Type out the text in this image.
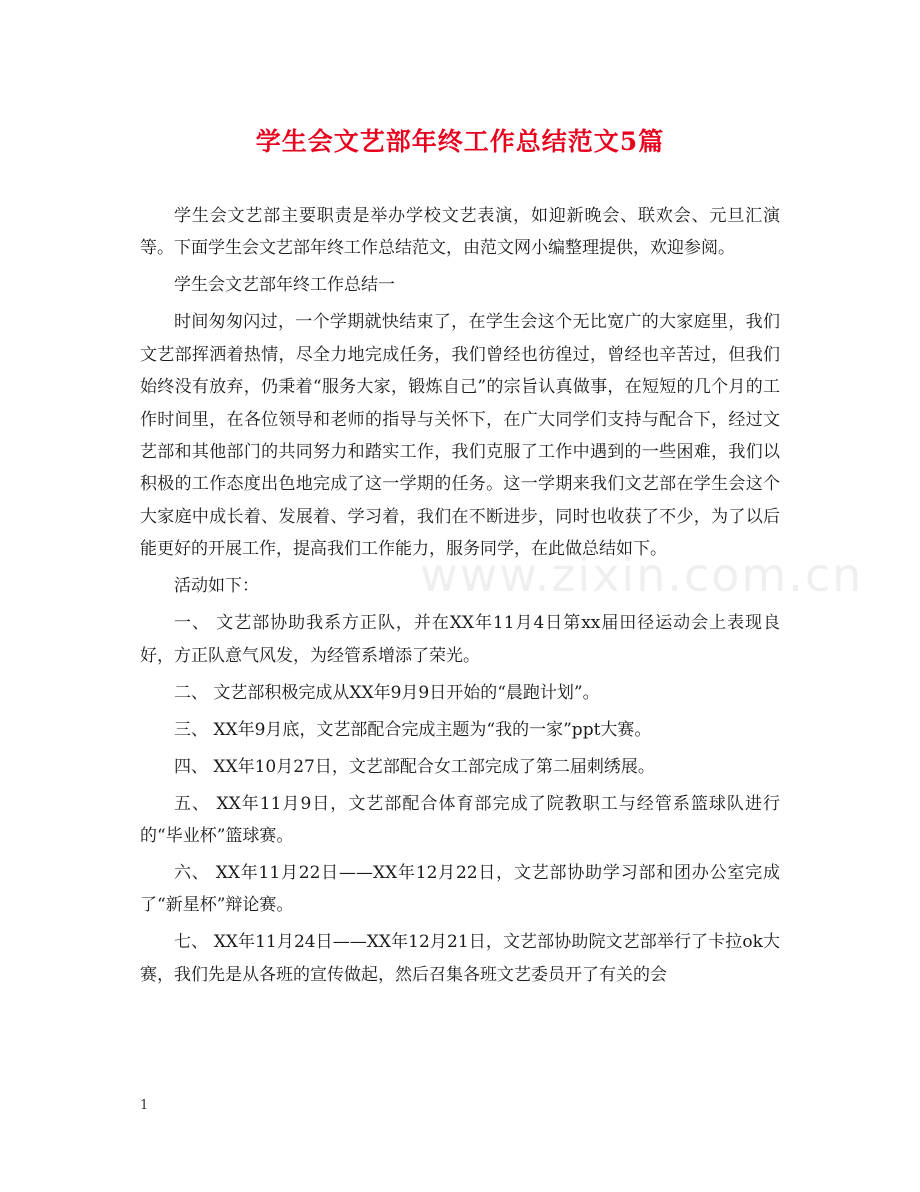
学生会文艺部年终工作总结范文5篇

学生会文艺部主要职责是举办学校文艺表演，如迎新晚会、联欢会、元旦汇演等。下面学生会文艺部年终工作总结范文，由范文网小编整理提供，欢迎参阅。

学生会文艺部年终工作总结一

时间匆匆闪过，一个学期就快结束了，在学生会这个无比宽广的大家庭里，我们文艺部挥洒着热情，尽全力地完成任务，我们曾经也彷徨过，曾经也辛苦过，但我们始终没有放弃，仍秉着“服务大家，锻炼自己”的宗旨认真做事，在短短的几个月的工作时间里，在各位领导和老师的指导与关怀下，在广大同学们支持与配合下，经过文艺部和其他部门的共同努力和踏实工作，我们克服了工作中遇到的一些困难，我们以积极的工作态度出色地完成了这一学期的任务。这一学期来我们文艺部在学生会这个大家庭中成长着、发展着、学习着，我们在不断进步，同时也收获了不少，为了以后能更好的开展工作，提高我们工作能力，服务同学，在此做总结如下。

活动如下：

一、 文艺部协助我系方正队，并在XX年11月4日第xx届田径运动会上表现良好，方正队意气风发，为经管系增添了荣光。

二、 文艺部积极完成从XX年9月9日开始的“晨跑计划”。

三、 XX年9月底，文艺部配合完成主题为“我的一家”ppt大赛。

四、 XX年10月27日，文艺部配合女工部完成了第二届刺绣展。

五、 XX年11月9日，文艺部配合体育部完成了院教职工与经管系篮球队进行的“毕业杯”篮球赛。

六、 XX年11月22日——XX年12月22日，文艺部协助学习部和团办公室完成了“新星杯”辩论赛。

七、 XX年11月24日——XX年12月21日，文艺部协助院文艺部举行了卡拉ok大赛，我们先是从各班的宣传做起，然后召集各班文艺委员开了有关的会

www.zixin.com.cn
1
